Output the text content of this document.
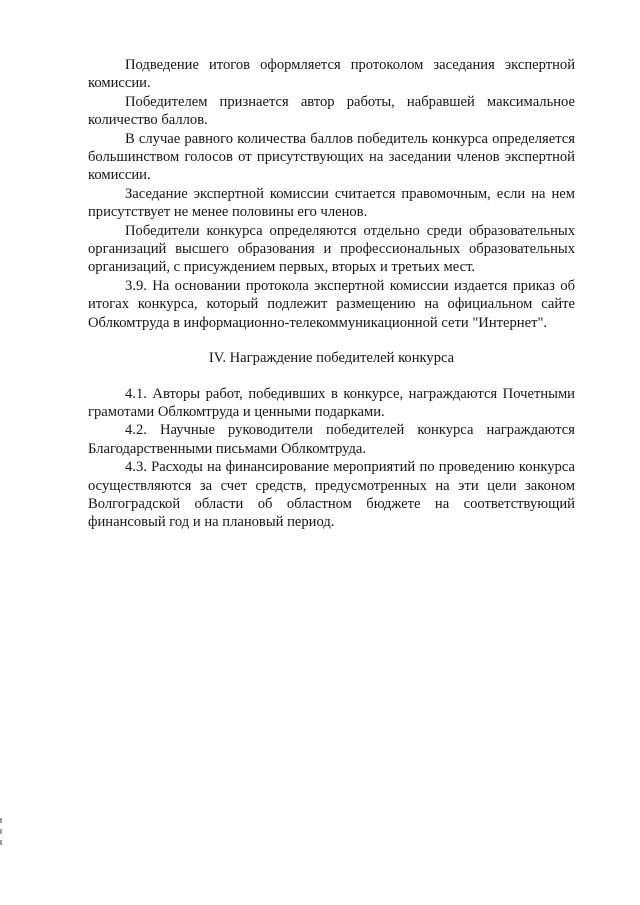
Подведение итогов оформляется протоколом заседания экспертной комиссии.

Победителем признается автор работы, набравшей максимальное количество баллов.

В случае равного количества баллов победитель конкурса определяется большинством голосов от присутствующих на заседании членов экспертной комиссии.

Заседание экспертной комиссии считается правомочным, если на нем присутствует не менее половины его членов.

Победители конкурса определяются отдельно среди образовательных организаций высшего образования и профессиональных образовательных организаций, с присуждением первых, вторых и третьих мест.

3.9. На основании протокола экспертной комиссии издается приказ об итогах конкурса, который подлежит размещению на официальном сайте Облкомтруда в информационно-телекоммуникационной сети "Интернет".

IV. Награждение победителей конкурса

4.1. Авторы работ, победивших в конкурсе, награждаются Почетными грамотами Облкомтруда и ценными подарками.

4.2. Научные руководители победителей конкурса награждаются Благодарственными письмами Облкомтруда.

4.3. Расходы на финансирование мероприятий по проведению конкурса осуществляются за счет средств, предусмотренных на эти цели законом Волгоградской области об областном бюджете на соответствующий финансовый год и на плановый период.
